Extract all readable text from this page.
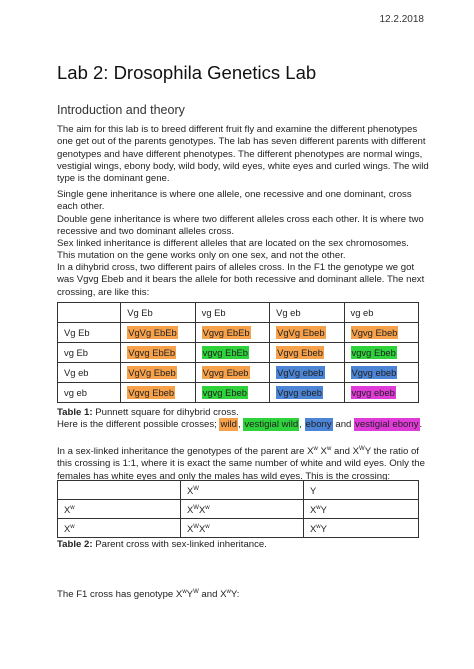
12.2.2018
Lab 2: Drosophila Genetics Lab
Introduction and theory

The aim for this lab is to breed different fruit fly and examine the different phenotypes one get out of the parents genotypes. The lab has seven different parents with different genotypes and have different phenotypes. The different phenotypes are normal wings, vestigial wings, ebony body, wild body, wild eyes, white eyes and curled wings. The wild type is the dominant gene.

Single gene inheritance is where one allele, one recessive and one dominant, cross each other.
Double gene inheritance is where two different alleles cross each other. It is where two recessive and two dominant alleles cross.
Sex linked inheritance is different alleles that are located on the sex chromosomes. This mutation on the gene works only on one sex, and not the other.

In a dihybrid cross, two different pairs of alleles cross. In the F1 the genotype we got was Vgvg Ebeb and it bears the allele for both recessive and dominant allele. The next crossing, are like this:

	Vg Eb	vg Eb	Vg eb	vg eb
Vg Eb	VgVg EbEb	Vgvg EbEb	VgVg Ebeb	Vgvg Ebeb
vg Eb	Vgvg EbEb	vgvg EbEb	Vgvg Ebeb	vgvg Ebeb
Vg eb	VgVg Ebeb	Vgvg Ebeb	VgVg ebeb	Vgvg ebeb
vg eb	Vgvg Ebeb	vgvg Ebeb	Vgvg ebeb	vgvg ebeb

Table 1: Punnett square for dihybrid cross.

Here is the different possible crosses; wild, vestigial wild, ebony and vestigial ebony.

In a sex-linked inheritance the genotypes of the parent are $X^w$ $X^w$ and $X^WY$ the ratio of this crossing is 1:1, where it is exact the same number of white and wild eyes. Only the females has white eyes and only the males has wild eyes. This is the crossing:

	$X^W$	Y
$X^w$	$X^WX^w$	$X^wY$
$X^w$	$X^WX^w$	$X^wY$

Table 2: Parent cross with sex-linked inheritance.

The F1 cross has genotype $X^wY^W$ and $X^wY$:
